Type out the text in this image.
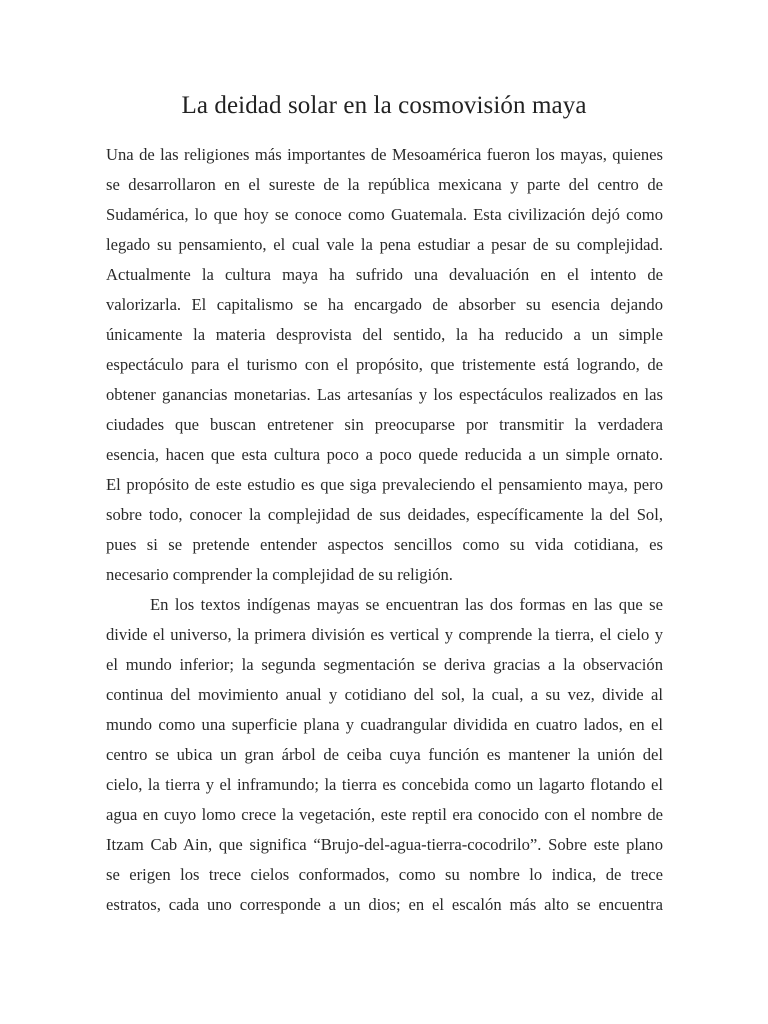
La deidad solar en la cosmovisión maya
Una de las religiones más importantes de Mesoamérica fueron los mayas, quienes
se desarrollaron en el sureste de la república mexicana y parte del centro de
Sudamérica, lo que hoy se conoce como Guatemala. Esta civilización dejó como
legado su pensamiento, el cual vale la pena estudiar a pesar de su complejidad.
Actualmente la cultura maya ha sufrido una devaluación en el intento de
valorizarla. El capitalismo se ha encargado de absorber su esencia dejando
únicamente la materia desprovista del sentido, la ha reducido a un simple
espectáculo para el turismo con el propósito, que tristemente está logrando, de
obtener ganancias monetarias. Las artesanías y los espectáculos realizados en las
ciudades que buscan entretener sin preocuparse por transmitir la verdadera
esencia, hacen que esta cultura poco a poco quede reducida a un simple ornato.
El propósito de este estudio es que siga prevaleciendo el pensamiento maya, pero
sobre todo, conocer la complejidad de sus deidades, específicamente la del Sol,
pues si se pretende entender aspectos sencillos como su vida cotidiana, es
necesario comprender la complejidad de su religión.
En los textos indígenas mayas se encuentran las dos formas en las que se
divide el universo, la primera división es vertical y comprende la tierra, el cielo y
el mundo inferior; la segunda segmentación se deriva gracias a la observación
continua del movimiento anual y cotidiano del sol, la cual, a su vez, divide al
mundo como una superficie plana y cuadrangular dividida en cuatro lados, en el
centro se ubica un gran árbol de ceiba cuya función es mantener la unión del
cielo, la tierra y el inframundo; la tierra es concebida como un lagarto flotando el
agua en cuyo lomo crece la vegetación, este reptil era conocido con el nombre de
Itzam Cab Ain, que significa “Brujo-del-agua-tierra-cocodrilo”. Sobre este plano
se erigen los trece cielos conformados, como su nombre lo indica, de trece
estratos, cada uno corresponde a un dios; en el escalón más alto se encuentra
